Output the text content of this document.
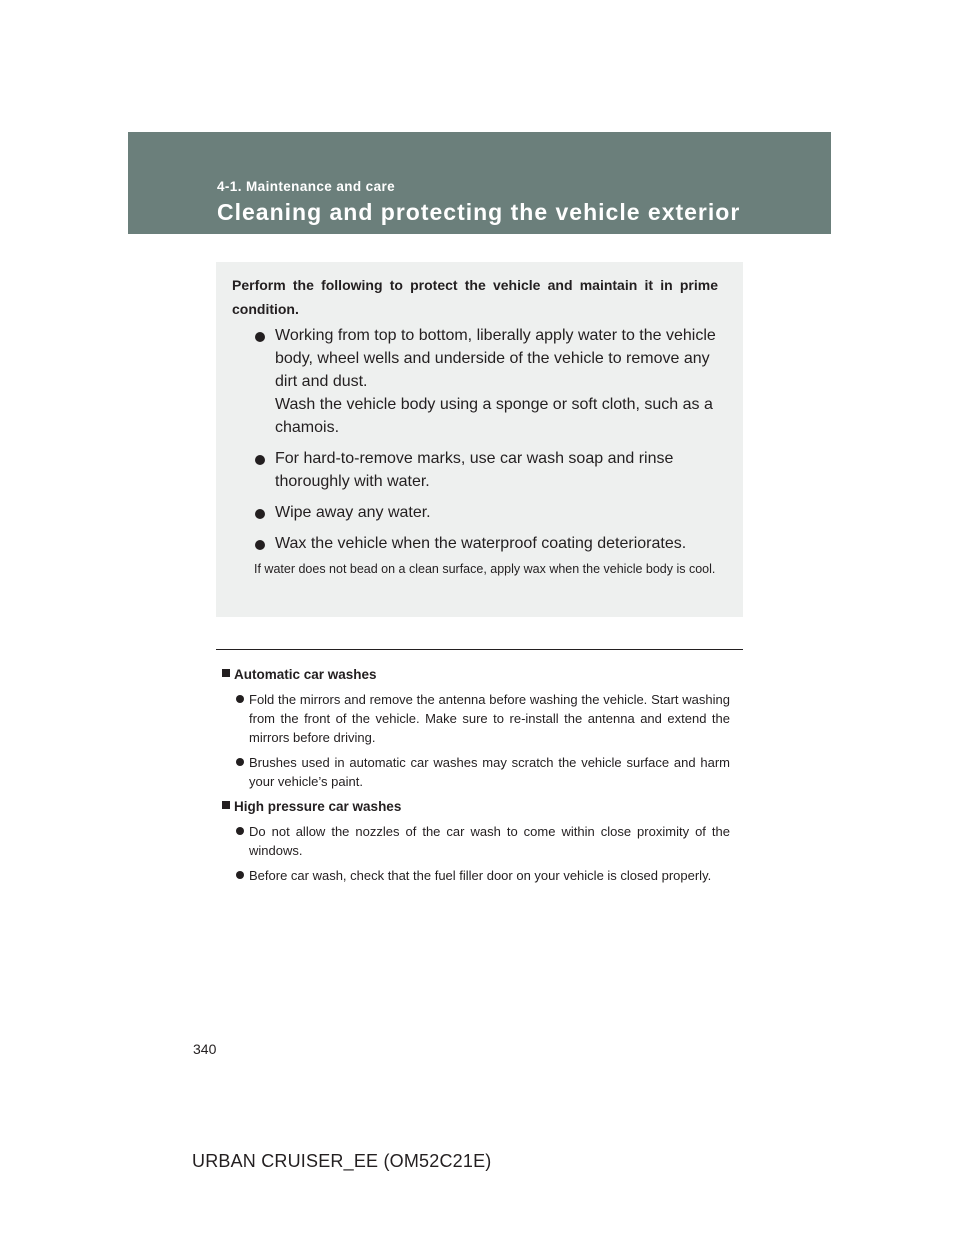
4-1. Maintenance and care
Cleaning and protecting the vehicle exterior
Perform the following to protect the vehicle and maintain it in prime condition.
Working from top to bottom, liberally apply water to the vehicle body, wheel wells and underside of the vehicle to remove any dirt and dust.
Wash the vehicle body using a sponge or soft cloth, such as a chamois.
For hard-to-remove marks, use car wash soap and rinse thoroughly with water.
Wipe away any water.
Wax the vehicle when the waterproof coating deteriorates.
If water does not bead on a clean surface, apply wax when the vehicle body is cool.
Automatic car washes
Fold the mirrors and remove the antenna before washing the vehicle. Start washing from the front of the vehicle. Make sure to re-install the antenna and extend the mirrors before driving.
Brushes used in automatic car washes may scratch the vehicle surface and harm your vehicle’s paint.
High pressure car washes
Do not allow the nozzles of the car wash to come within close proximity of the windows.
Before car wash, check that the fuel filler door on your vehicle is closed properly.
340
URBAN CRUISER_EE (OM52C21E)
